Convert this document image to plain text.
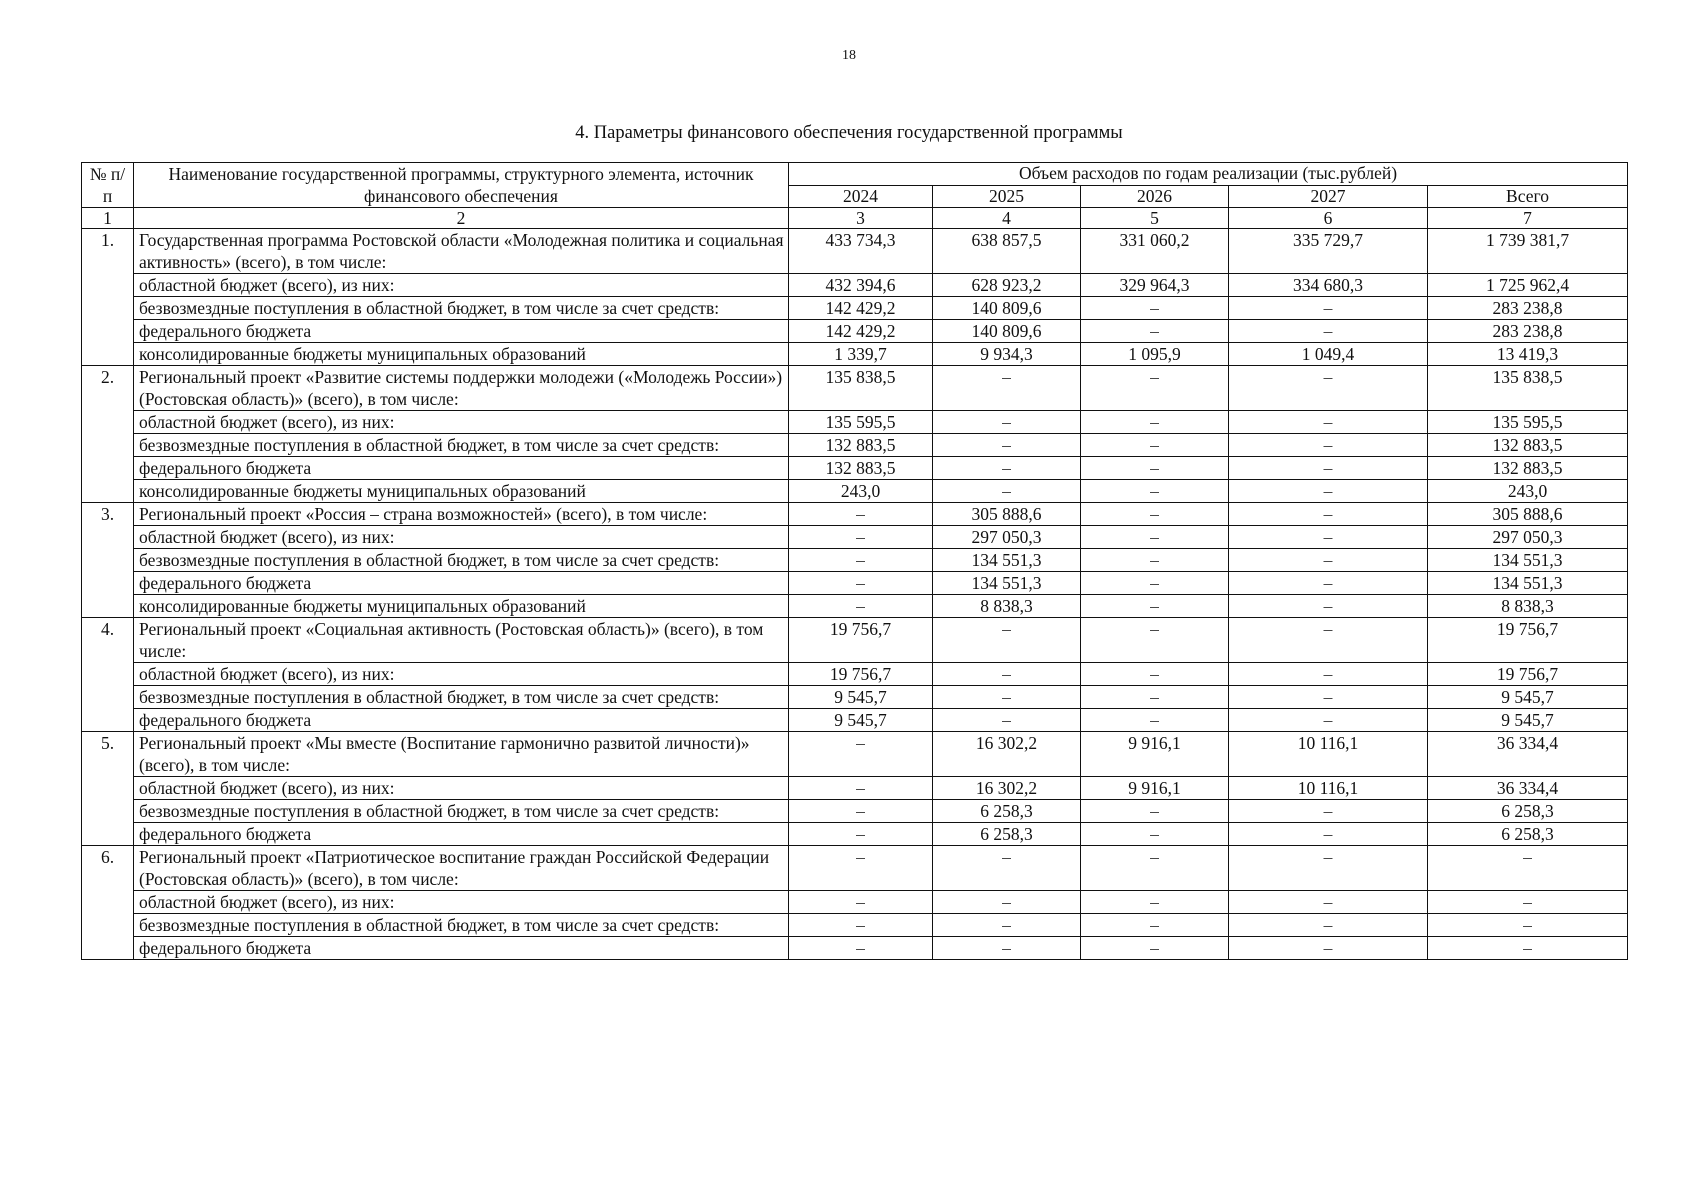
18
4. Параметры финансового обеспечения государственной программы
№ п/п	Наименование государственной программы, структурного элемента, источник финансового обеспечения	Объем расходов по годам реализации (тыс.рублей)				
		2024	2025	2026	2027	Всего
1	2	3	4	5	6	7
1.	Государственная программа Ростовской области «Молодежная политика и социальная активность» (всего), в том числе:	433 734,3	638 857,5	331 060,2	335 729,7	1 739 381,7
	областной бюджет (всего), из них:	432 394,6	628 923,2	329 964,3	334 680,3	1 725 962,4
	безвозмездные поступления в областной бюджет, в том числе за счет средств:	142 429,2	140 809,6	–	–	283 238,8
	федерального бюджета	142 429,2	140 809,6	–	–	283 238,8
	консолидированные бюджеты муниципальных образований	1 339,7	9 934,3	1 095,9	1 049,4	13 419,3
2.	Региональный проект «Развитие системы поддержки молодежи («Молодежь России») (Ростовская область)» (всего), в том числе:	135 838,5	–	–	–	135 838,5
	областной бюджет (всего), из них:	135 595,5	–	–	–	135 595,5
	безвозмездные поступления в областной бюджет, в том числе за счет средств:	132 883,5	–	–	–	132 883,5
	федерального бюджета	132 883,5	–	–	–	132 883,5
	консолидированные бюджеты муниципальных образований	243,0	–	–	–	243,0
3.	Региональный проект «Россия – страна возможностей» (всего), в том числе:	–	305 888,6	–	–	305 888,6
	областной бюджет (всего), из них:	–	297 050,3	–	–	297 050,3
	безвозмездные поступления в областной бюджет, в том числе за счет средств:	–	134 551,3	–	–	134 551,3
	федерального бюджета	–	134 551,3	–	–	134 551,3
	консолидированные бюджеты муниципальных образований	–	8 838,3	–	–	8 838,3
4.	Региональный проект «Социальная активность (Ростовская область)» (всего), в том числе:	19 756,7	–	–	–	19 756,7
	областной бюджет (всего), из них:	19 756,7	–	–	–	19 756,7
	безвозмездные поступления в областной бюджет, в том числе за счет средств:	9 545,7	–	–	–	9 545,7
	федерального бюджета	9 545,7	–	–	–	9 545,7
5.	Региональный проект «Мы вместе (Воспитание гармонично развитой личности)» (всего), в том числе:	–	16 302,2	9 916,1	10 116,1	36 334,4
	областной бюджет (всего), из них:	–	16 302,2	9 916,1	10 116,1	36 334,4
	безвозмездные поступления в областной бюджет, в том числе за счет средств:	–	6 258,3	–	–	6 258,3
	федерального бюджета	–	6 258,3	–	–	6 258,3
6.	Региональный проект «Патриотическое воспитание граждан Российской Федерации (Ростовская область)» (всего), в том числе:	–	–	–	–	–
	областной бюджет (всего), из них:	–	–	–	–	–
	безвозмездные поступления в областной бюджет, в том числе за счет средств:	–	–	–	–	–
	федерального бюджета	–	–	–	–	–
